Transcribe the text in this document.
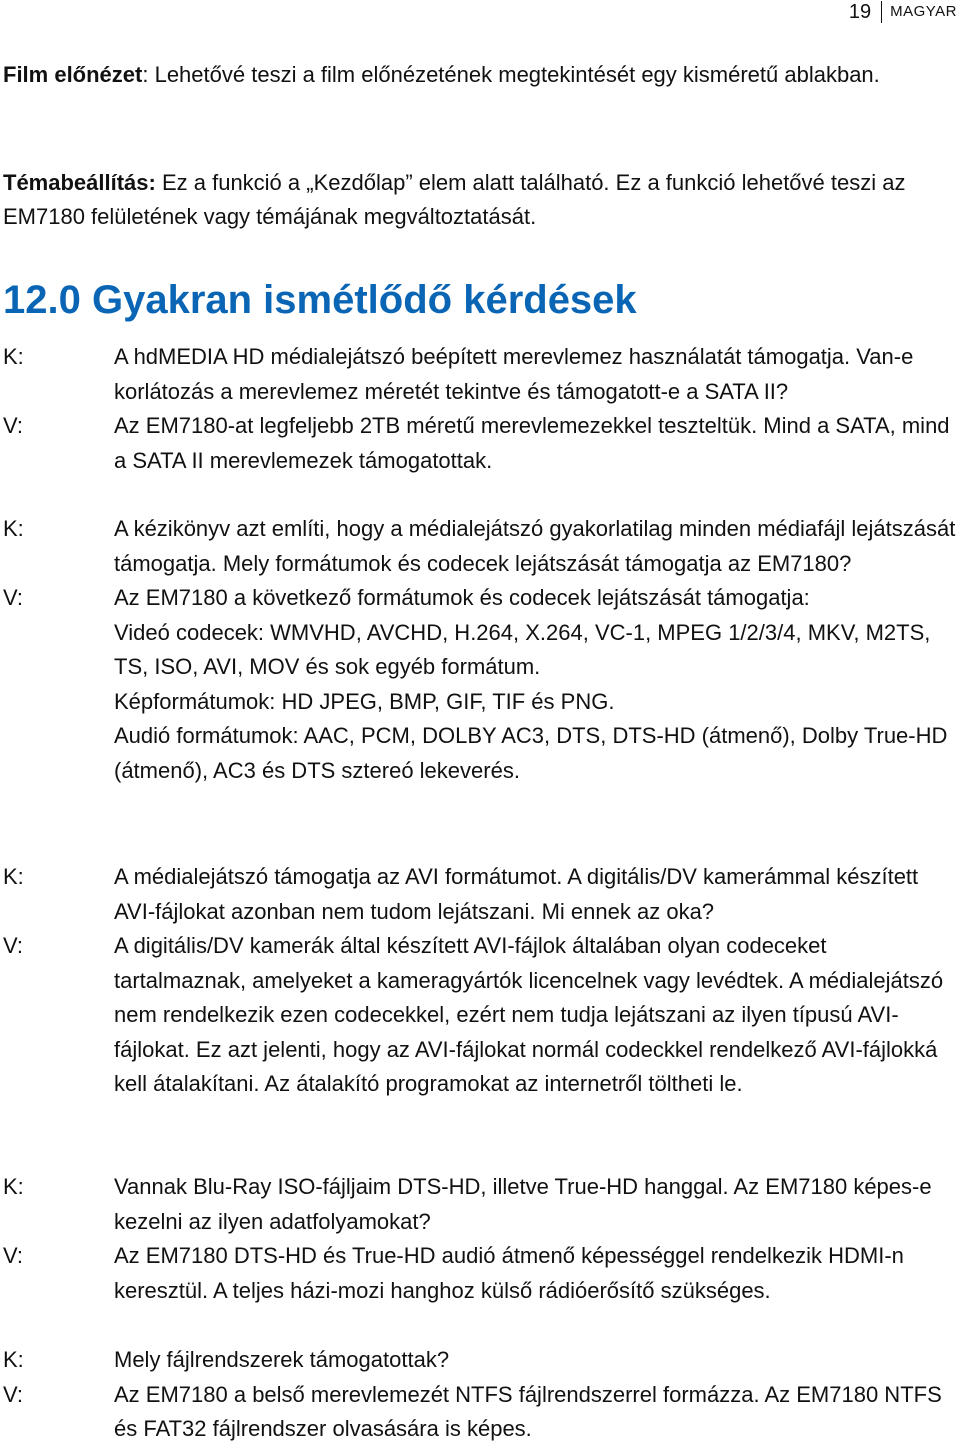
19	MAGYAR

Film előnézet: Lehetővé teszi a film előnézetének megtekintését egy kisméretű ablakban.

Témabeállítás: Ez a funkció a „Kezdőlap” elem alatt található. Ez a funkció lehetővé teszi az EM7180 felületének vagy témájának megváltoztatását.

12.0 Gyakran ismétlődő kérdések
K:	A hdMEDIA HD médialejátszó beépített merevlemez használatát támogatja. Van-e korlátozás a merevlemez méretét tekintve és támogatott-e a SATA II?
V:	Az EM7180-at legfeljebb 2TB méretű merevlemezekkel teszteltük. Mind a SATA, mind a SATA II merevlemezek támogatottak.
K:	A kézikönyv azt említi, hogy a médialejátszó gyakorlatilag minden médiafájl lejátszását támogatja. Mely formátumok és codecek lejátszását támogatja az EM7180?
V:	Az EM7180 a következő formátumok és codecek lejátszását támogatja:
Videó codecek: WMVHD, AVCHD, H.264, X.264, VC-1, MPEG 1/2/3/4, MKV, M2TS, TS, ISO, AVI, MOV és sok egyéb formátum.
Képformátumok: HD JPEG, BMP, GIF, TIF és PNG.
Audió formátumok: AAC, PCM, DOLBY AC3, DTS, DTS-HD (átmenő), Dolby True-HD (átmenő), AC3 és DTS sztereó lekeverés.
K:	A médialejátszó támogatja az AVI formátumot. A digitális/DV kamerámmal készített AVI-fájlokat azonban nem tudom lejátszani. Mi ennek az oka?
V:	A digitális/DV kamerák által készített AVI-fájlok általában olyan codeceket tartalmaznak, amelyeket a kameragyártók licencelnek vagy levédtek. A médialejátszó nem rendelkezik ezen codecekkel, ezért nem tudja lejátszani az ilyen típusú AVI-fájlokat. Ez azt jelenti, hogy az AVI-fájlokat normál codeckkel rendelkező AVI-fájlokká kell átalakítani. Az átalakító programokat az internetről töltheti le.
K:	Vannak Blu-Ray ISO-fájljaim DTS-HD, illetve True-HD hanggal. Az EM7180 képes-e kezelni az ilyen adatfolyamokat?
V:	Az EM7180 DTS-HD és True-HD audió átmenő képességgel rendelkezik HDMI-n keresztül. A teljes házi-mozi hanghoz külső rádióerősítő szükséges.
K:	Mely fájlrendszerek támogatottak?
V:	Az EM7180 a belső merevlemezét NTFS fájlrendszerrel formázza. Az EM7180 NTFS és FAT32 fájlrendszer olvasására is képes.
